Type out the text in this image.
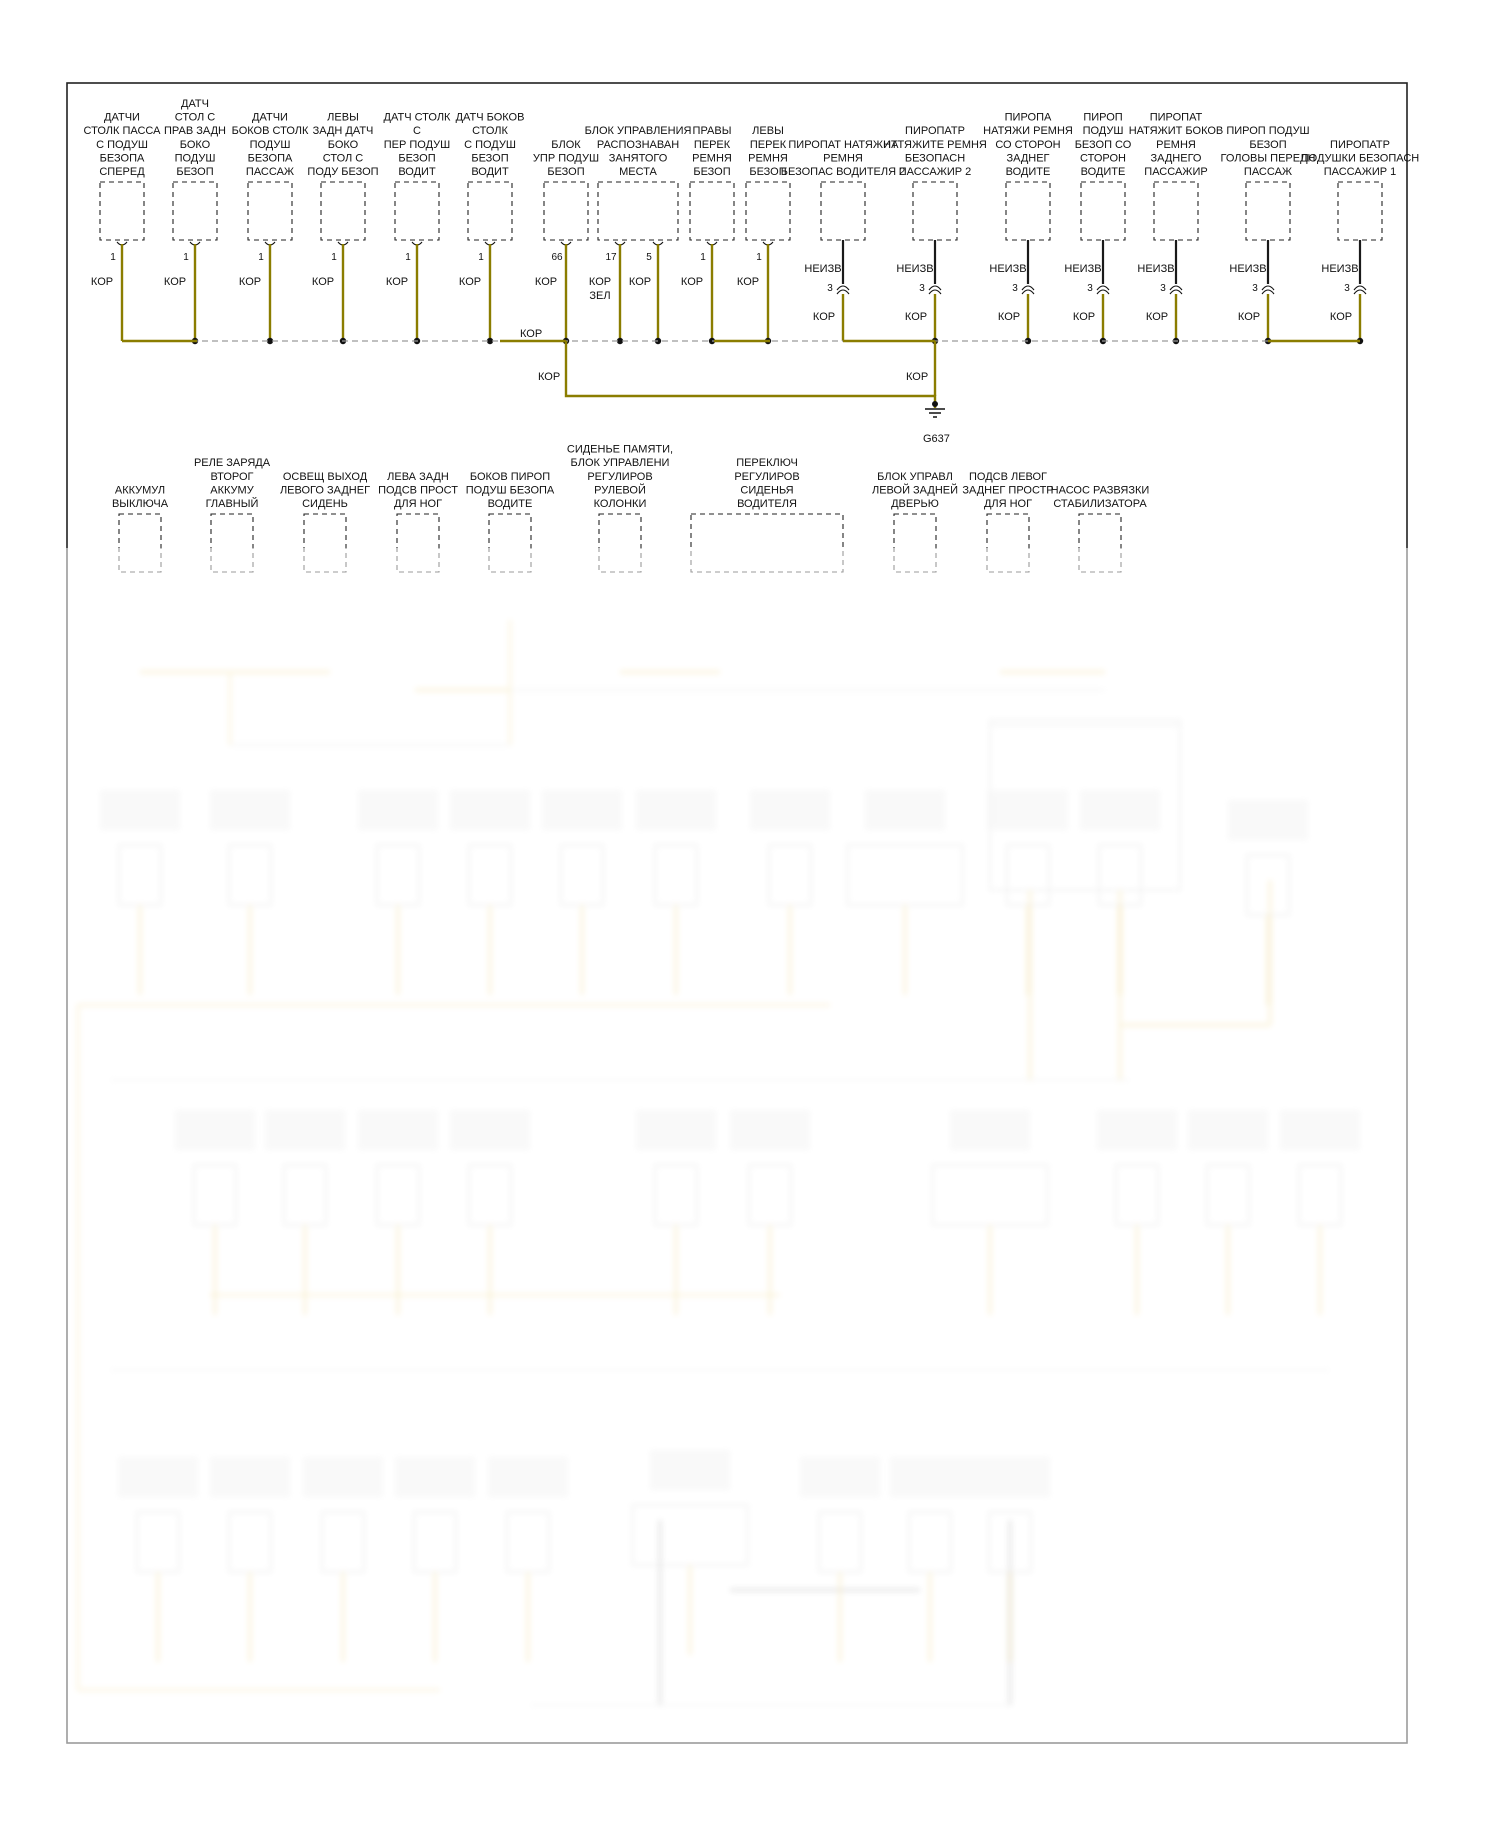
ДАТЧИ
СТОЛК ПАССА
С ПОДУШ
БЕЗОПА
СПЕРЕД
ДАТЧ
СТОЛ С
ПРАВ ЗАДН
БОКО
ПОДУШ
БЕЗОП
ДАТЧИ
БОКОВ СТОЛК
ПОДУШ
БЕЗОПА
ПАССАЖ
ЛЕВЫ
ЗАДН ДАТЧ
БОКО
СТОЛ С
ПОДУ БЕЗОП
ДАТЧ СТОЛК
С
ПЕР ПОДУШ
БЕЗОП
ВОДИТ
ДАТЧ БОКОВ
СТОЛК
С ПОДУШ
БЕЗОП
ВОДИТ
БЛОК
УПР ПОДУШ
БЕЗОП
БЛОК УПРАВЛЕНИЯ
РАСПОЗНАВАН
ЗАНЯТОГО
МЕСТА
ПРАВЫ
ПЕРЕК
РЕМНЯ
БЕЗОП
ЛЕВЫ
ПЕРЕК
РЕМНЯ
БЕЗОП
ПИРОПАТ НАТЯЖИТ
РЕМНЯ
БЕЗОПАС ВОДИТЕЛЯ 2
ПИРОПАТР
НАТЯЖИТЕ РЕМНЯ
БЕЗОПАСН
ПАССАЖИР 2
ПИРОПА
НАТЯЖИ РЕМНЯ
СО СТОРОН
ЗАДНЕГ
ВОДИТЕ
ПИРОП
ПОДУШ
БЕЗОП СО
СТОРОН
ВОДИТЕ
ПИРОПАТ
НАТЯЖИТ БОКОВ
РЕМНЯ
ЗАДНЕГО
ПАССАЖИР
ПИРОП ПОДУШ
БЕЗОП
ГОЛОВЫ ПЕРЕДН
ПАССАЖ
ПИРОПАТР
ПОДУШКИ БЕЗОПАСН
ПАССАЖИР 1
1
КОР
1
КОР
1
КОР
1
КОР
1
КОР
1
КОР
66
КОР
17
КОР
ЗЕЛ
5
КОР
1
КОР
1
КОР
НЕИЗВ
3
КОР
НЕИЗВ
3
КОР
НЕИЗВ
3
КОР
НЕИЗВ
3
КОР
НЕИЗВ
3
КОР
НЕИЗВ
3
КОР
НЕИЗВ
3
КОР
КОР
КОР	КОР
G637
АККУМУЛ
ВЫКЛЮЧА
РЕЛЕ ЗАРЯДА
ВТОРОГ
АККУМУ
ГЛАВНЫЙ
ОСВЕЩ ВЫХОД
ЛЕВОГО ЗАДНЕГ
СИДЕНЬ
ЛЕВА ЗАДН
ПОДСВ ПРОСТ
ДЛЯ НОГ
БОКОВ ПИРОП
ПОДУШ БЕЗОПА
ВОДИТЕ
СИДЕНЬЕ ПАМЯТИ,
БЛОК УПРАВЛЕНИ
РЕГУЛИРОВ
РУЛЕВОЙ
КОЛОНКИ
ПЕРЕКЛЮЧ
РЕГУЛИРОВ
СИДЕНЬЯ
ВОДИТЕЛЯ
БЛОК УПРАВЛ
ЛЕВОЙ ЗАДНЕЙ
ДВЕРЬЮ
ПОДСВ ЛЕВОГ
ЗАДНЕГ ПРОСТР
ДЛЯ НОГ
НАСОС РАЗВЯЗКИ
СТАБИЛИЗАТОРА
